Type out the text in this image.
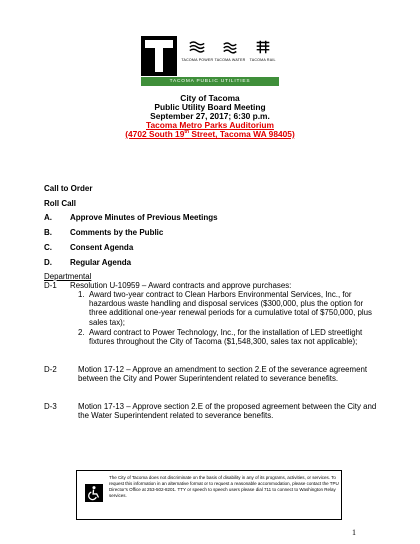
TACOMA POWER TACOMA WATER	TACOMA RAIL
TACOMA PUBLIC UTILITIES
City of Tacoma
Public Utility Board Meeting
September 27, 2017; 6:30 p.m.
Tacoma Metro Parks Auditorium
(4702 South 19th Street, Tacoma WA 98405)
Call to Order
Roll Call
A. Approve Minutes of Previous Meetings
B. Comments by the Public
C. Consent Agenda
D. Regular Agenda
Departmental
D-1 Resolution U-10959 – Award contracts and approve purchases:
1. Award two-year contract to Clean Harbors Environmental Services, Inc., for hazardous waste handling and disposal services ($300,000, plus the option for three additional one-year renewal periods for a cumulative total of $750,000, plus sales tax);
2. Award contract to Power Technology, Inc., for the installation of LED streetlight fixtures throughout the City of Tacoma ($1,548,300, sales tax not applicable);
D-2	Motion 17-12 – Approve an amendment to section 2.E of the severance agreement between the City and Power Superintendent related to severance benefits.
D-3	Motion 17-13 – Approve section 2.E of the proposed agreement between the City and the Water Superintendent related to severance benefits.
The City of Tacoma does not discriminate on the basis of disability in any of its programs, activities, or services. To request this information in an alternative format or to request a reasonable accommodation, please contact the TPU Director's Office at 253-502-8201. TTY or speech to speech users please dial 711 to connect to Washington Relay services.
1
